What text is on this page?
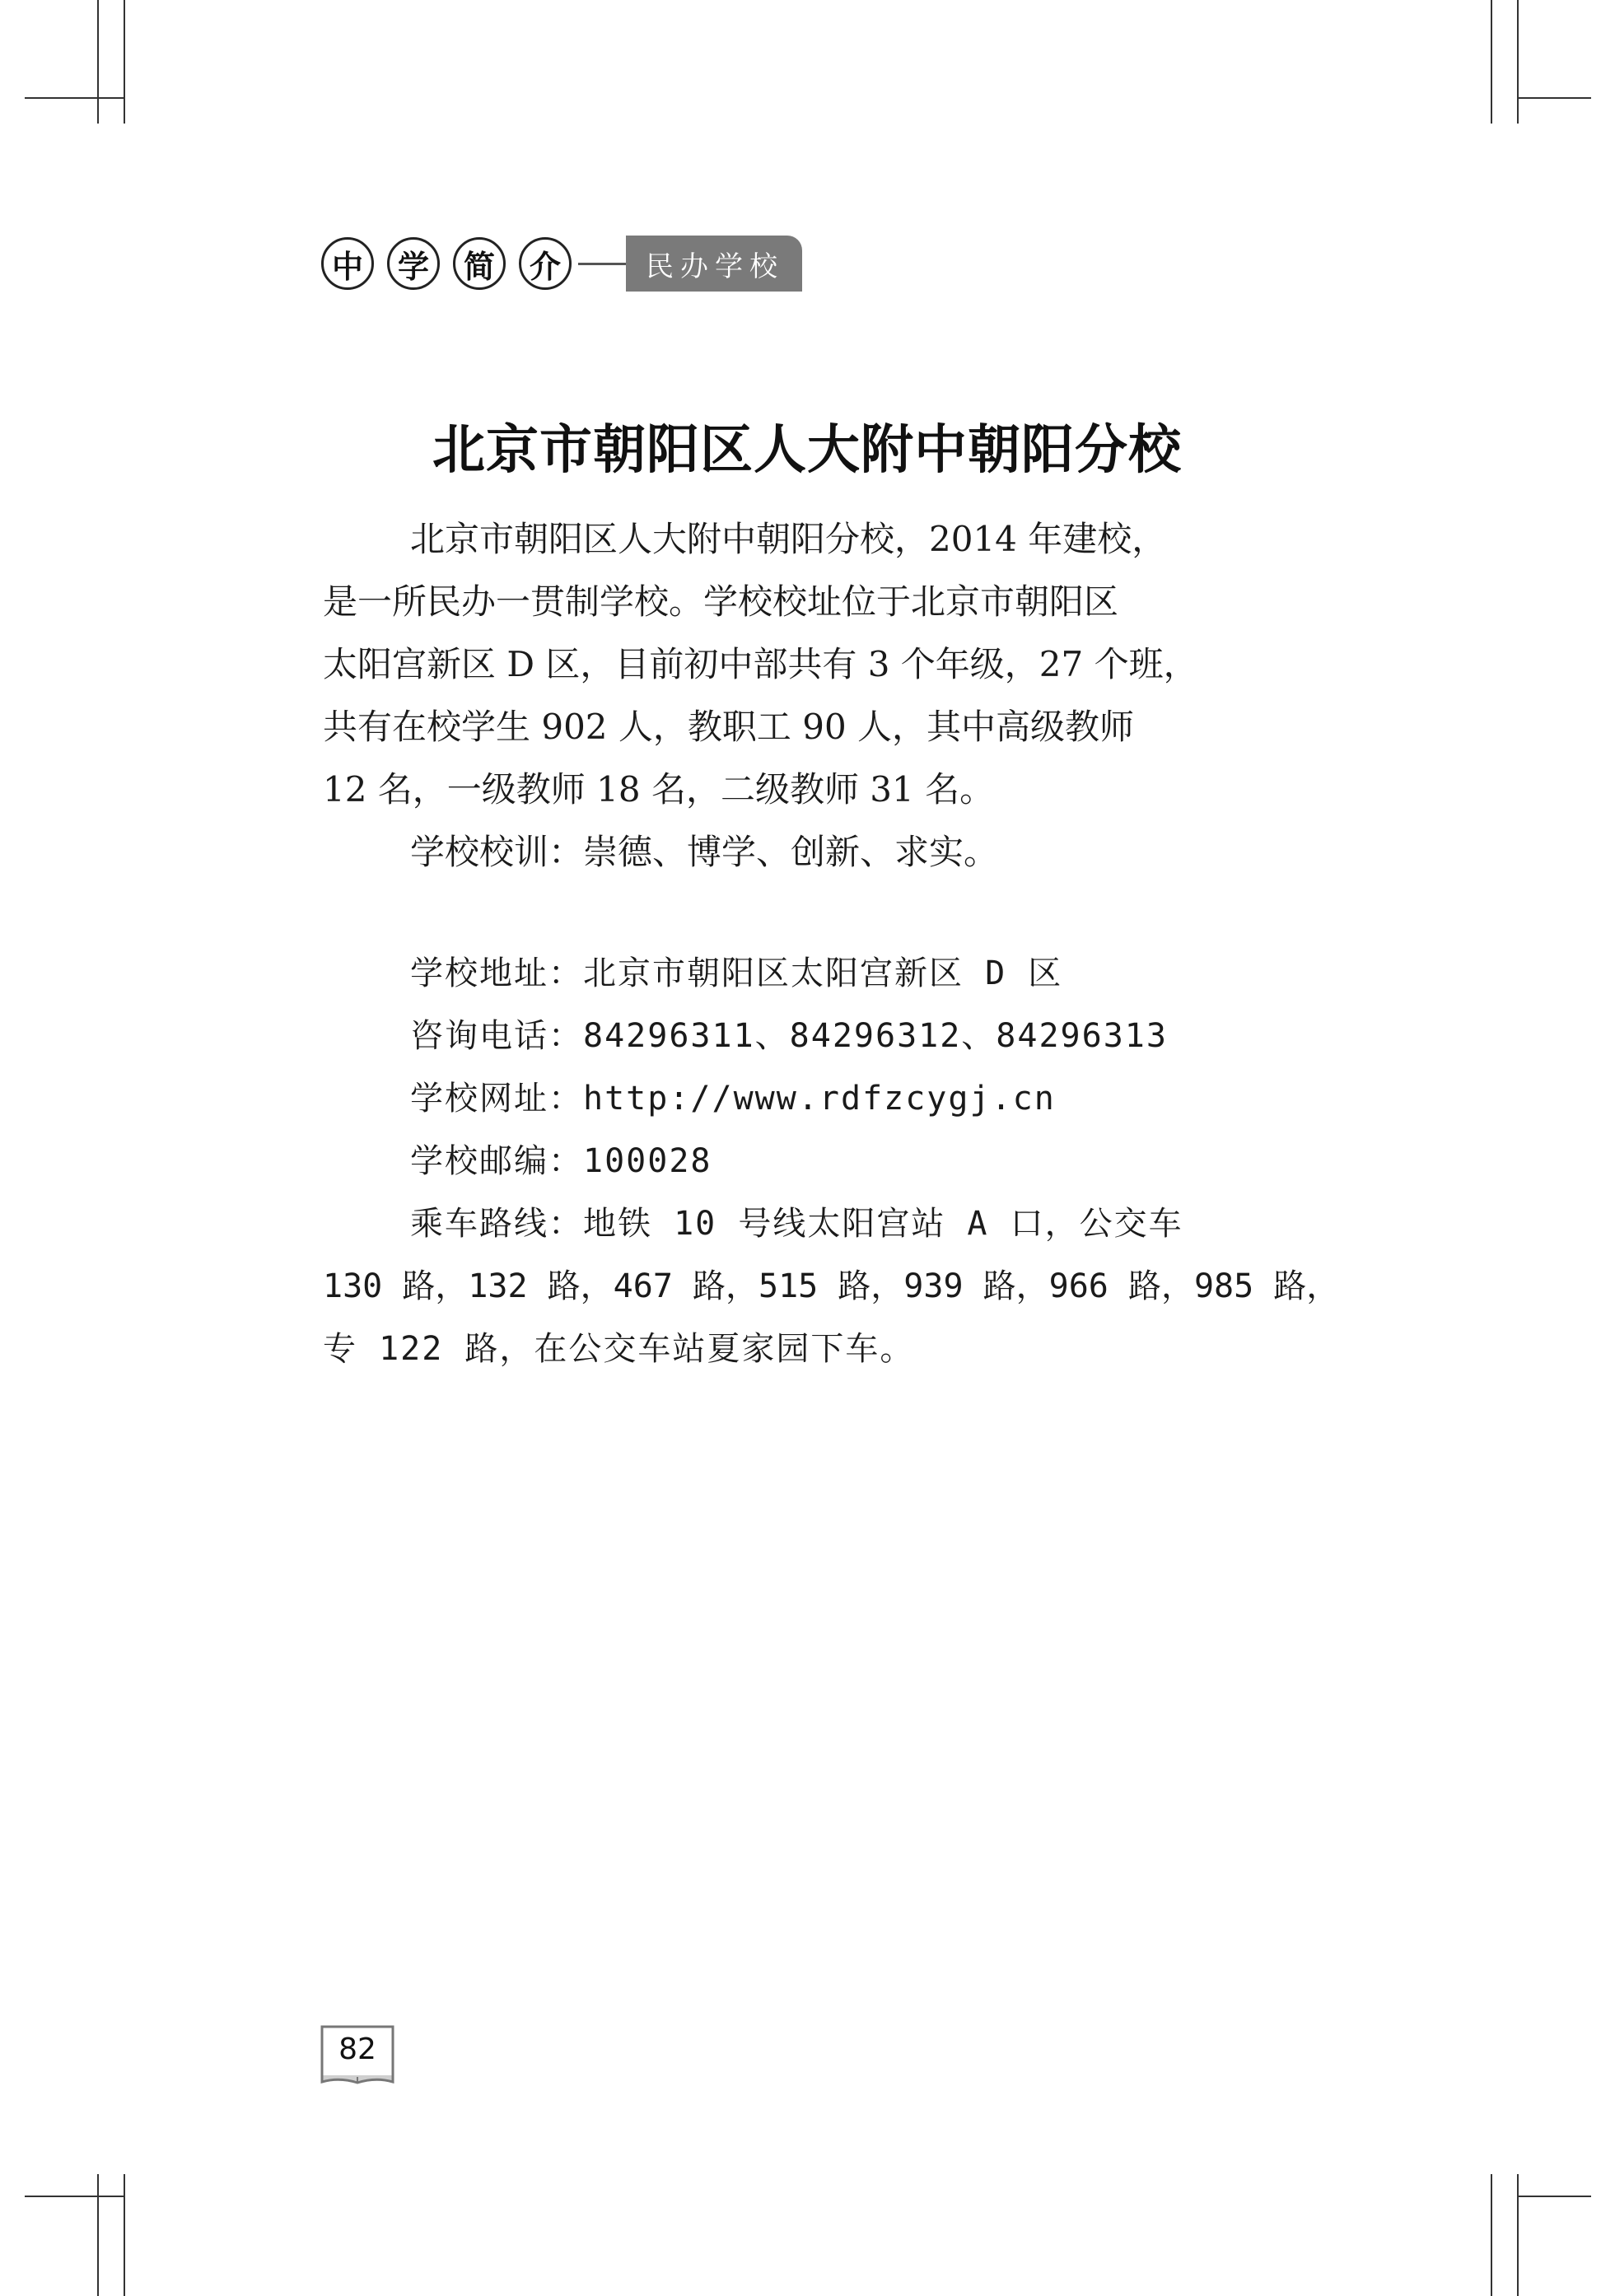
中	学	简	介	民办学校
北京市朝阳区人大附中朝阳分校
北京市朝阳区人大附中朝阳分校，2014 年建校，
是一所民办一贯制学校。学校校址位于北京市朝阳区
太阳宫新区 D 区，目前初中部共有 3 个年级，27 个班，
共有在校学生 902 人，教职工 90 人，其中高级教师
12 名，一级教师 18 名，二级教师 31 名。
学校校训：崇德、博学、创新、求实。
学校地址：北京市朝阳区太阳宫新区 D 区
咨询电话：84296311、84296312、84296313
学校网址：http://www.rdfzcygj.cn
学校邮编：100028
乘车路线：地铁 10 号线太阳宫站 A 口，公交车
130 路，132 路，467 路，515 路，939 路，966 路，985 路，
专 122 路，在公交车站夏家园下车。
82
